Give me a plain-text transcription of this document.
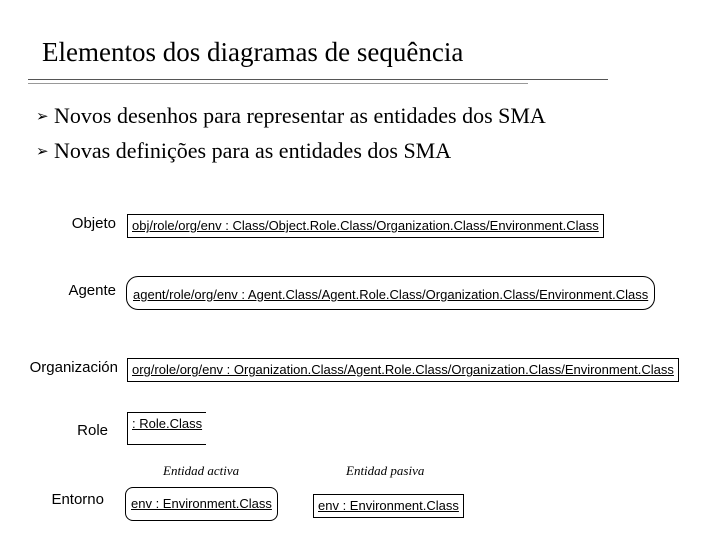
Elementos dos diagramas de sequência
➢ Novos desenhos para representar as entidades dos SMA
➢ Novas definições para as entidades dos SMA
Objeto	obj/role/org/env : Class/Object.Role.Class/Organization.Class/Environment.Class
Agente	agent/role/org/env : Agent.Class/Agent.Role.Class/Organization.Class/Environment.Class
Organización	org/role/org/env : Organization.Class/Agent.Role.Class/Organization.Class/Environment.Class
Role	: Role.Class
Entidad activa	Entidad pasiva
Entorno	env : Environment.Class	env : Environment.Class
